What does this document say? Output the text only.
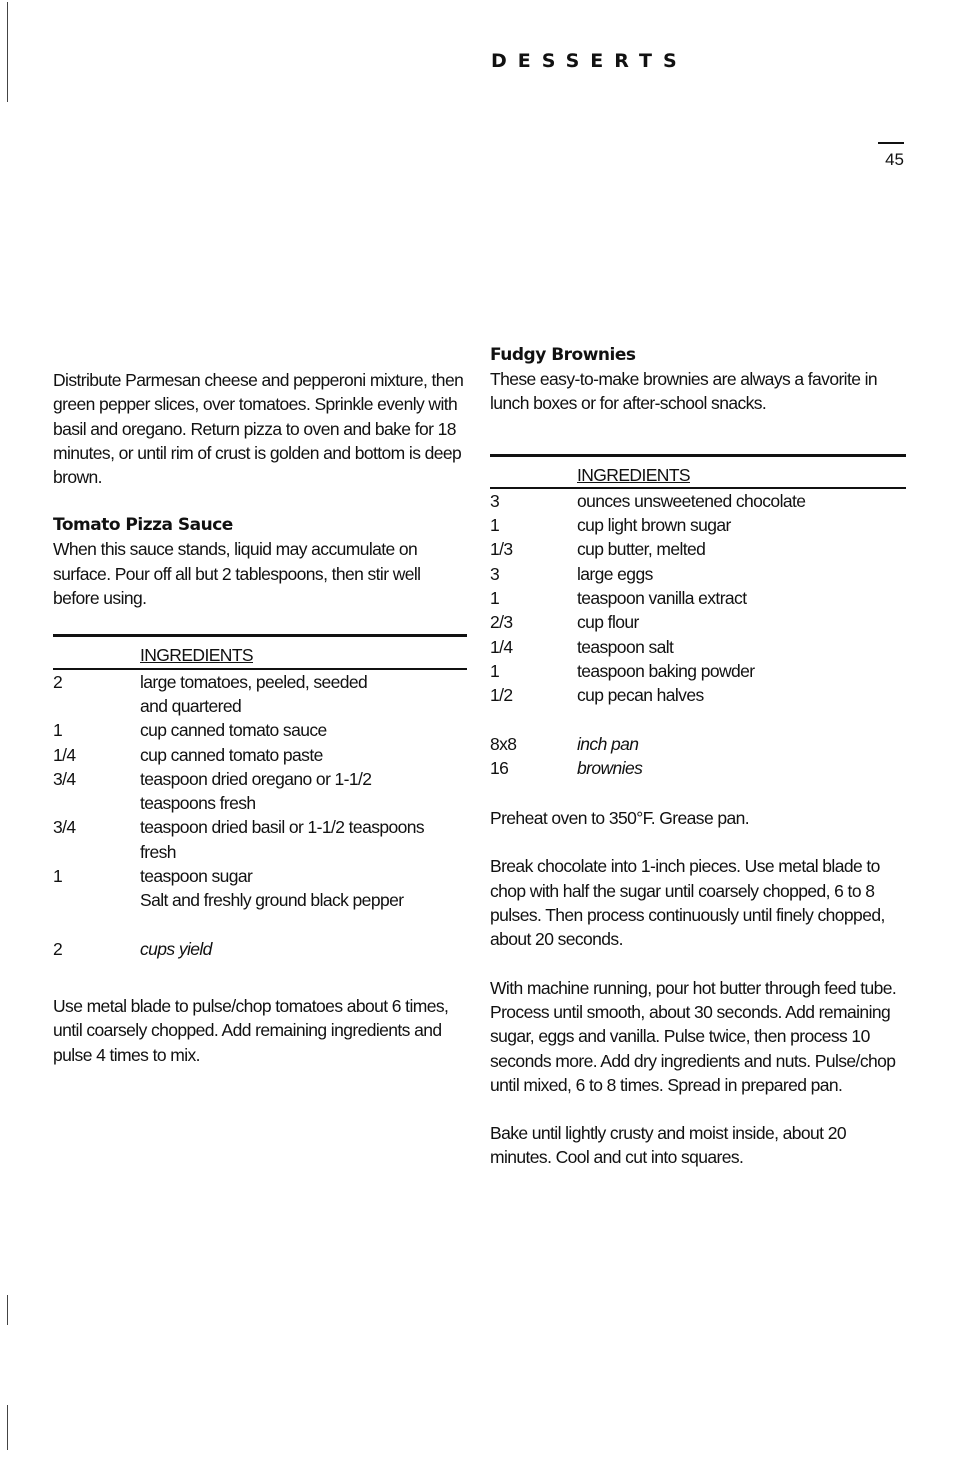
DESSERTS
45

Distribute Parmesan cheese and pepperoni mixture, then green pepper slices, over tomatoes. Sprinkle evenly with basil and oregano. Return pizza to oven and bake for 18 minutes, or until rim of crust is golden and bottom is deep brown.

Tomato Pizza Sauce

When this sauce stands, liquid may accumulate on surface. Pour off all but 2 tablespoons, then stir well before using.

	INGREDIENTS
2	large tomatoes, peeled, seeded
	and quartered
1	cup canned tomato sauce
1/4	cup canned tomato paste
3/4	teaspoon dried oregano or 1-1/2
	teaspoons fresh
3/4	teaspoon dried basil or 1-1/2 teaspoons
	fresh
1	teaspoon sugar
	Salt and freshly ground black pepper

2	cups yield

Use metal blade to pulse/chop tomatoes about 6 times, until coarsely chopped. Add remaining ingredients and pulse 4 times to mix.

Fudgy Brownies

These easy-to-make brownies are always a favorite in lunch boxes or for after-school snacks.

	INGREDIENTS
3	ounces unsweetened chocolate
1	cup light brown sugar
1/3	cup butter, melted
3	large eggs
1	teaspoon vanilla extract
2/3	cup flour
1/4	teaspoon salt
1	teaspoon baking powder
1/2	cup pecan halves

8x8	inch pan
16	brownies

Preheat oven to 350°F. Grease pan.

Break chocolate into 1-inch pieces. Use metal blade to chop with half the sugar until coarsely chopped, 6 to 8 pulses. Then process continuously until finely chopped, about 20 seconds.

With machine running, pour hot butter through feed tube. Process until smooth, about 30 seconds. Add remaining sugar, eggs and vanilla. Pulse twice, then process 10 seconds more. Add dry ingredients and nuts. Pulse/chop until mixed, 6 to 8 times. Spread in prepared pan.

Bake until lightly crusty and moist inside, about 20 minutes. Cool and cut into squares.
